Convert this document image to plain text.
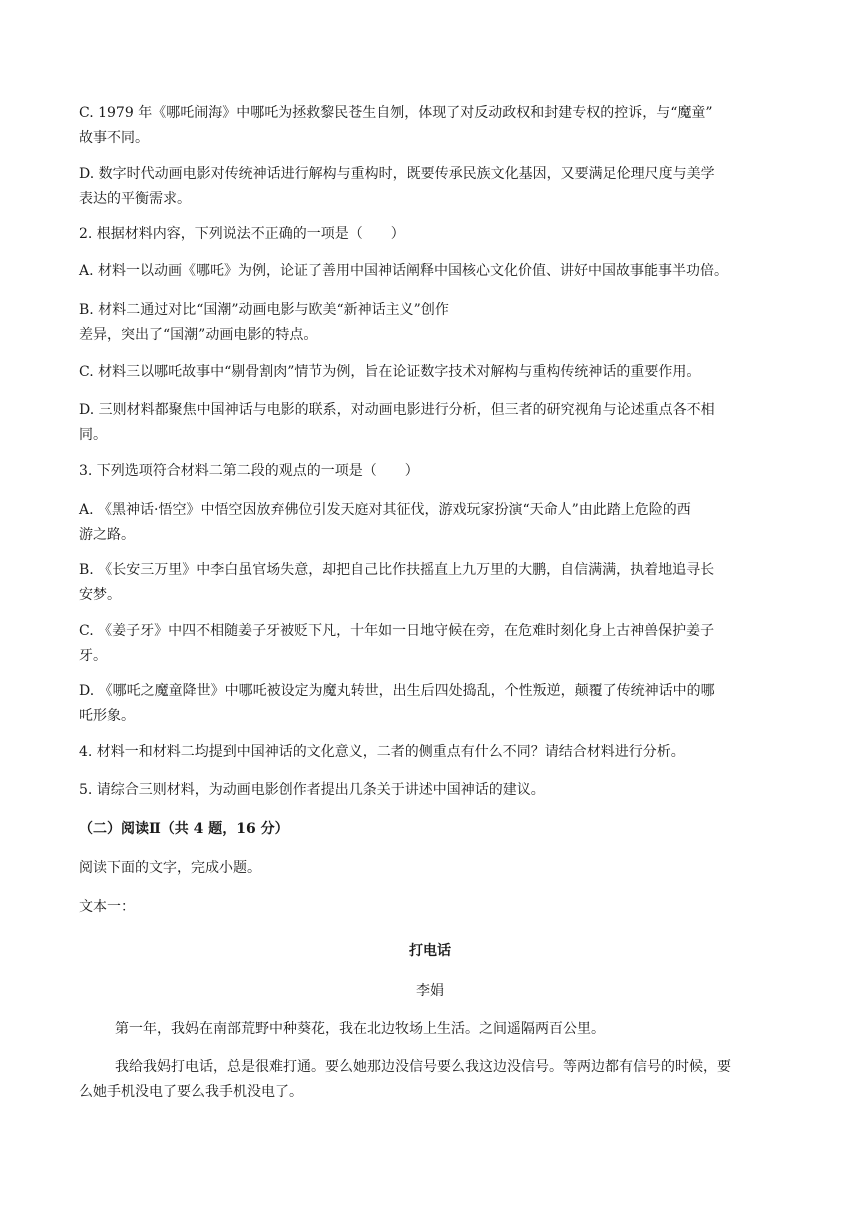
C. 1979 年《哪吒闹海》中哪吒为拯救黎民苍生自刎，体现了对反动政权和封建专权的控诉，与“魔童”
故事不同。

D. 数字时代动画电影对传统神话进行解构与重构时，既要传承民族文化基因，又要满足伦理尺度与美学
表达的平衡需求。

2. 根据材料内容，下列说法不正确的一项是（　　）

A. 材料一以动画《哪吒》为例，论证了善用中国神话阐释中国核心文化价值、讲好中国故事能事半功倍。

B. 材料二通过对比“国潮”动画电影与欧美“新神话主义”创作
差异，突出了“国潮”动画电影的特点。

C. 材料三以哪吒故事中“剔骨割肉”情节为例，旨在论证数字技术对解构与重构传统神话的重要作用。

D. 三则材料都聚焦中国神话与电影的联系，对动画电影进行分析，但三者的研究视角与论述重点各不相
同。

3. 下列选项符合材料二第二段的观点的一项是（　　）

A. 《黑神话·悟空》中悟空因放弃佛位引发天庭对其征伐，游戏玩家扮演“天命人”由此踏上危险的西
游之路。

B. 《长安三万里》中李白虽官场失意，却把自己比作扶摇直上九万里的大鹏，自信满满，执着地追寻长
安梦。

C. 《姜子牙》中四不相随姜子牙被贬下凡，十年如一日地守候在旁，在危难时刻化身上古神兽保护姜子
牙。

D. 《哪吒之魔童降世》中哪吒被设定为魔丸转世，出生后四处捣乱，个性叛逆，颠覆了传统神话中的哪
吒形象。

4. 材料一和材料二均提到中国神话的文化意义，二者的侧重点有什么不同？请结合材料进行分析。

5. 请综合三则材料，为动画电影创作者提出几条关于讲述中国神话的建议。

（二）阅读Ⅱ（共 4 题，16 分）

阅读下面的文字，完成小题。

文本一：

打电话

李娟

第一年，我妈在南部荒野中种葵花，我在北边牧场上生活。之间遥隔两百公里。

我给我妈打电话，总是很难打通。要么她那边没信号要么我这边没信号。等两边都有信号的时候，要
么她手机没电了要么我手机没电了。
